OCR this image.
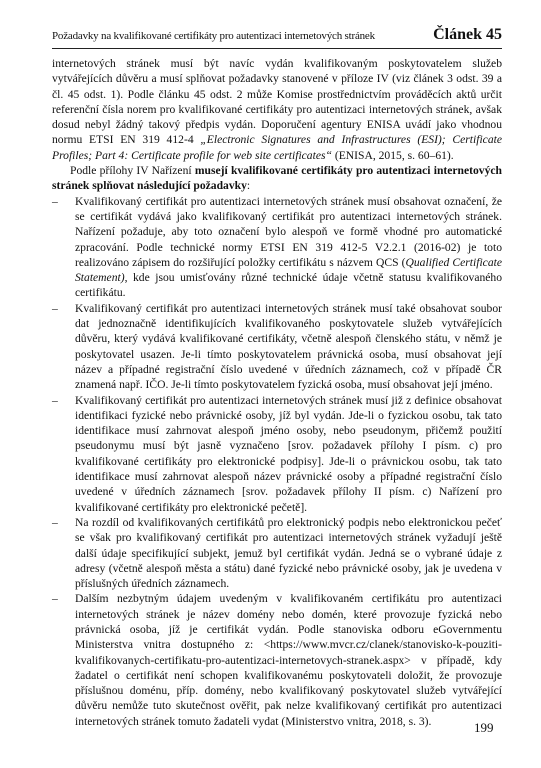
Požadavky na kvalifikované certifikáty pro autentizaci internetových stránek	Článek 45

internetových stránek musí být navíc vydán kvalifikovaným poskytovatelem služeb vytvářejících důvěru a musí splňovat požadavky stanovené v příloze IV (viz článek 3 odst. 39 a čl. 45 odst. 1). Podle článku 45 odst. 2 může Komise prostřednictvím prováděcích aktů určit referenční čísla norem pro kvalifikované certifikáty pro autentizaci internetových stránek, avšak dosud nebyl žádný takový předpis vydán. Doporučení agentury ENISA uvádí jako vhodnou normu ETSI EN 319 412-4 „Electronic Signatures and Infrastructures (ESI); Certificate Profiles; Part 4: Certificate profile for web site certificates“ (ENISA, 2015, s. 60–61).

Podle přílohy IV Nařízení musejí kvalifikované certifikáty pro autentizaci internetových stránek splňovat následující požadavky:

– Kvalifikovaný certifikát pro autentizaci internetových stránek musí obsahovat označení, že se certifikát vydává jako kvalifikovaný certifikát pro autentizaci internetových stránek. Nařízení požaduje, aby toto označení bylo alespoň ve formě vhodné pro automatické zpracování. Podle technické normy ETSI EN 319 412-5 V2.2.1 (2016-02) je toto realizováno zápisem do rozšiřující položky certifikátu s názvem QCS (Qualified Certificate Statement), kde jsou umisťovány různé technické údaje včetně statusu kvalifikovaného certifikátu.
– Kvalifikovaný certifikát pro autentizaci internetových stránek musí také obsahovat soubor dat jednoznačně identifikujících kvalifikovaného poskytovatele služeb vytvářejících důvěru, který vydává kvalifikované certifikáty, včetně alespoň členského státu, v němž je poskytovatel usazen. Je-li tímto poskytovatelem právnická osoba, musí obsahovat její název a případné registrační číslo uvedené v úředních záznamech, což v případě ČR znamená např. IČO. Je-li tímto poskytovatelem fyzická osoba, musí obsahovat její jméno.
– Kvalifikovaný certifikát pro autentizaci internetových stránek musí již z definice obsahovat identifikaci fyzické nebo právnické osoby, jíž byl vydán. Jde-li o fyzickou osobu, tak tato identifikace musí zahrnovat alespoň jméno osoby, nebo pseudonym, přičemž použití pseudonymu musí být jasně vyznačeno [srov. požadavek přílohy I písm. c) pro kvalifikované certifikáty pro elektronické podpisy]. Jde-li o právnickou osobu, tak tato identifikace musí zahrnovat alespoň název právnické osoby a případné registrační číslo uvedené v úředních záznamech [srov. požadavek přílohy II písm. c) Nařízení pro kvalifikované certifikáty pro elektronické pečetě].
– Na rozdíl od kvalifikovaných certifikátů pro elektronický podpis nebo elektronickou pečeť se však pro kvalifikovaný certifikát pro autentizaci internetových stránek vyžadují ještě další údaje specifikující subjekt, jemuž byl certifikát vydán. Jedná se o vybrané údaje z adresy (včetně alespoň města a státu) dané fyzické nebo právnické osoby, jak je uvedena v příslušných úředních záznamech.
– Dalším nezbytným údajem uvedeným v kvalifikovaném certifikátu pro autentizaci internetových stránek je název domény nebo domén, které provozuje fyzická nebo právnická osoba, jíž je certifikát vydán. Podle stanoviska odboru eGovernmentu Ministerstva vnitra dostupného z: <https://www.mvcr.cz/clanek/stanovisko-k-pouziti-kvalifikovanych-certifikatu-pro-autentizaci-internetovych-stranek.aspx> v případě, kdy žadatel o certifikát není schopen kvalifikovanému poskytovateli doložit, že provozuje příslušnou doménu, příp. domény, nebo kvalifikovaný poskytovatel služeb vytvářející důvěru nemůže tuto skutečnost ověřit, pak nelze kvalifikovaný certifikát pro autentizaci internetových stránek tomuto žadateli vydat (Ministerstvo vnitra, 2018, s. 3).	199
